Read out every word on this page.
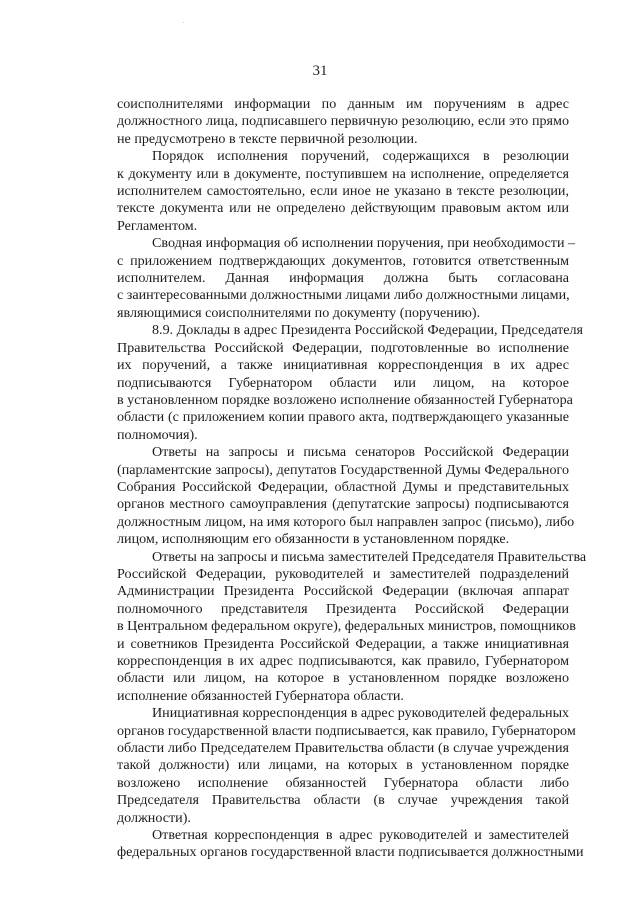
31

соисполнителями информации по данным им поручениям в адрес
должностного лица, подписавшего первичную резолюцию, если это прямо
не предусмотрено в тексте первичной резолюции.

Порядок исполнения поручений, содержащихся в резолюции
к документу или в документе, поступившем на исполнение, определяется
исполнителем самостоятельно, если иное не указано в тексте резолюции,
тексте документа или не определено действующим правовым актом или
Регламентом.

Сводная информация об исполнении поручения, при необходимости –
с приложением подтверждающих документов, готовится ответственным
исполнителем. Данная информация должна быть согласована
с заинтересованными должностными лицами либо должностными лицами,
являющимися соисполнителями по документу (поручению).

8.9. Доклады в адрес Президента Российской Федерации, Председателя
Правительства Российской Федерации, подготовленные во исполнение
их поручений, а также инициативная корреспонденция в их адрес
подписываются Губернатором области или лицом, на которое
в установленном порядке возложено исполнение обязанностей Губернатора
области (с приложением копии правого акта, подтверждающего указанные
полномочия).

Ответы на запросы и письма сенаторов Российской Федерации
(парламентские запросы), депутатов Государственной Думы Федерального
Собрания Российской Федерации, областной Думы и представительных
органов местного самоуправления (депутатские запросы) подписываются
должностным лицом, на имя которого был направлен запрос (письмо), либо
лицом, исполняющим его обязанности в установленном порядке.

Ответы на запросы и письма заместителей Председателя Правительства
Российской Федерации, руководителей и заместителей подразделений
Администрации Президента Российской Федерации (включая аппарат
полномочного представителя Президента Российской Федерации
в Центральном федеральном округе), федеральных министров, помощников
и советников Президента Российской Федерации, а также инициативная
корреспонденция в их адрес подписываются, как правило, Губернатором
области или лицом, на которое в установленном порядке возложено
исполнение обязанностей Губернатора области.

Инициативная корреспонденция в адрес руководителей федеральных
органов государственной власти подписывается, как правило, Губернатором
области либо Председателем Правительства области (в случае учреждения
такой должности) или лицами, на которых в установленном порядке
возложено исполнение обязанностей Губернатора области либо
Председателя Правительства области (в случае учреждения такой
должности).

Ответная корреспонденция в адрес руководителей и заместителей
федеральных органов государственной власти подписывается должностными
